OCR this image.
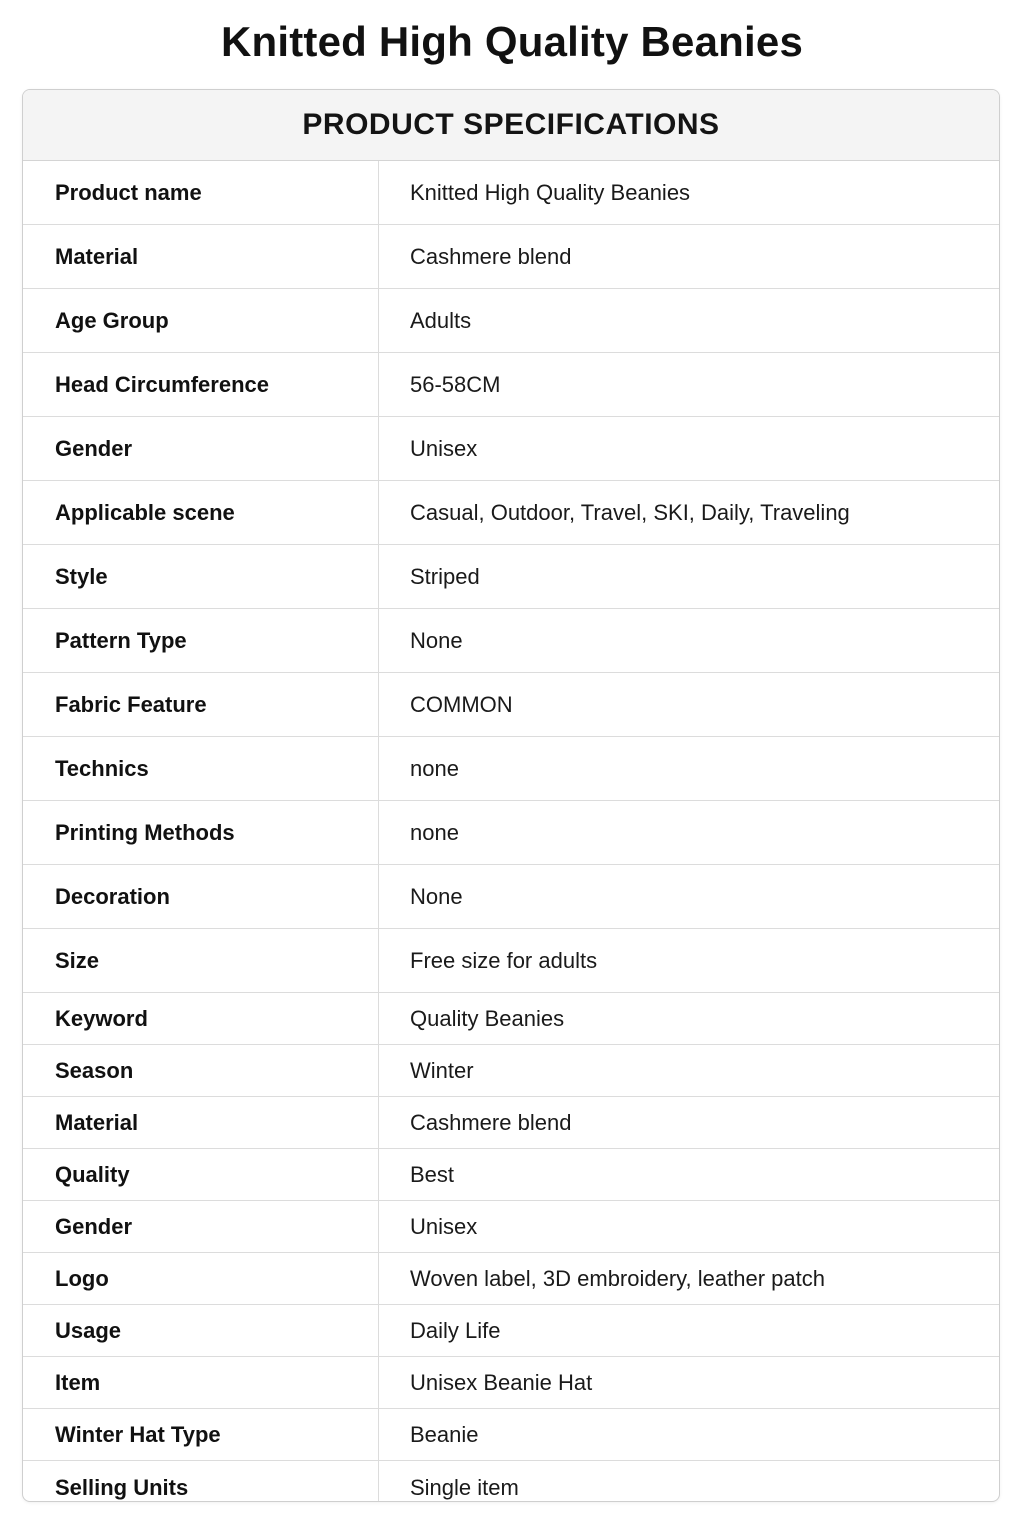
Knitted High Quality Beanies
PRODUCT SPECIFICATIONS
Product name	Knitted High Quality Beanies
Material	Cashmere blend
Age Group	Adults
Head Circumference	56-58CM
Gender	Unisex
Applicable scene	Casual, Outdoor, Travel, SKI, Daily, Traveling
Style	Striped
Pattern Type	None
Fabric Feature	COMMON
Technics	none
Printing Methods	none
Decoration	None
Size	Free size for adults
Keyword	Quality Beanies
Season	Winter
Material	Cashmere blend
Quality	Best
Gender	Unisex
Logo	Woven label, 3D embroidery, leather patch
Usage	Daily Life
Item	Unisex Beanie Hat
Winter Hat Type	Beanie
Selling Units	Single item
